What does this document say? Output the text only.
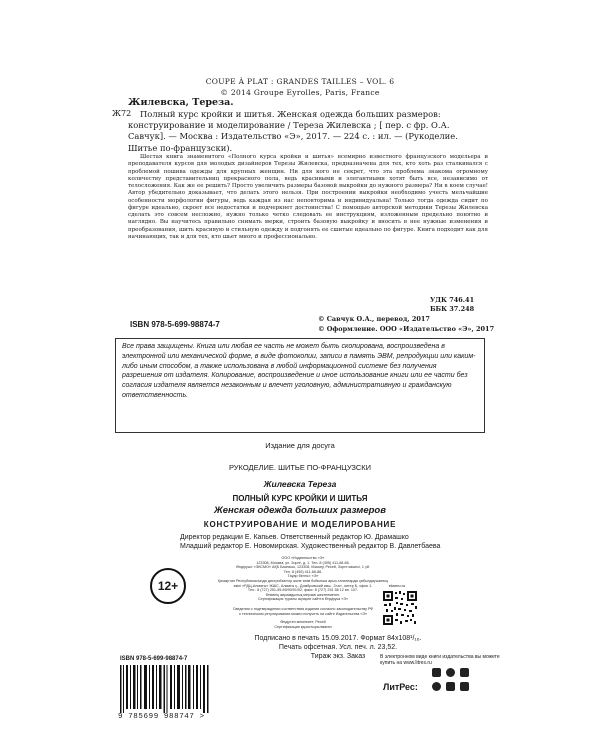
COUPE À PLAT : GRANDES TAILLES – VOL. 6
© 2014 Groupe Eyrolles, Paris, France
Жилевска, Тереза.
Ж72	Полный курс кройки и шитья. Женская одежда больших размеров: конструирование и моделирование / Тереза Жилевска ; [ пер. с фр. О.А. Савчук]. — Москва : Издательство «Э», 2017. — 224 с. : ил. — (Рукоделие. Шитье по-французски).
Шестая книга знаменитого «Полного курса кройки и шитья» всемирно известного французского модельера и преподавателя курсов для молодых дизайнеров Терезы Жилевска, предназначена для тех, кто хоть раз сталкивался с проблемой пошива одежды для крупных женщин. Ни для кого не секрет, что эта проблема знакома огромному количеству представительниц прекрасного пола, ведь красивыми и элегантными хотят быть все, независимо от телосложения. Как же ее решить? Просто увеличить размеры базовой выкройки до нужного размера? Ни в коем случае! Автор убедительно доказывает, что делать этого нельзя. При построении выкройки необходимо учесть мельчайшие особенности морфологии фигуры, ведь каждая из нас неповторима и индивидуальна! Только тогда одежда сидит по фигуре идеально, скроет все недостатки и подчеркнет достоинства! С помощью авторской методики Терезы Жилевска сделать это совсем несложно, нужно только четко следовать ее инструкциям, изложенным предельно понятно и наглядно. Вы научитесь правильно снимать мерки, строить базовую выкройку и вносить в нее нужные изменения и преобразования, шить красивую и стильную одежду и подгонять ее сшитые идеально по фигуре. Книга подходит как для начинающих, так и для тех, кто шьет много и профессионально.
УДК 746.41
ББК 37.248
ISBN 978-5-699-98874-7
© Савчук О.А., перевод, 2017
© Оформление. ООО «Издательство «Э», 2017

Все права защищены. Книга или любая ее часть не может быть скопирована, воспроизведена в электронной или механической форме, в виде фотокопии, записи в память ЭВМ, репродукции или каким-либо иным способом, а также использована в любой информационной системе без получения разрешения от издателя. Копирование, воспроизведение и иное использование книги или ее части без согласия издателя является незаконным и влечет уголовную, административную и гражданскую ответственность.

Издание для досуга
РУКОДЕЛИЕ. ШИТЬЕ ПО-ФРАНЦУЗСКИ
Жилевска Тереза
ПОЛНЫЙ КУРС КРОЙКИ И ШИТЬЯ
Женская одежда больших размеров
КОНСТРУИРОВАНИЕ И МОДЕЛИРОВАНИЕ
Директор редакции Е. Капьев. Ответственный редактор Ю. Драмашко
Младший редактор Е. Новомирская. Художественный редактор В. Давлетбаева
ООО «Издательство «Э»
123308, Москва, ул. Зорге, д. 1. Тел. 8 (495) 411-68-86.
Өндіруші: «ЭКСМО» АҚБ Баспасы, 123308, Мәскеу, Ресей, Зорге көшесі, 1 үй.
Тел. 8 (495) 411-68-86.
Тауар белгісі: «Э»
Қазақстан Республикасында дистрибьютор және өнім бойынша арыз-талаптарды қабылдаушының
өкілі «РДЦ-Алматы» ЖШС, Алматы қ., Домбровский көш., 3«а», литер Б, офис 1.
Тел.: 8 (727) 251-59-89/90/91/92, факс: 8 (727) 251 58 12 вн. 107.
Өнімнің жарамдылық мерзімі шектелмеген.
Сертификация туралы ақпарат сайтта Өндіруші «Э»
Сведения о подтверждении соответствия издания согласно законодательству РФ
о техническом регулировании можно получить на сайте Издательства «Э»
Өндірген мемлекет: Ресей
Сертификация қарастырылмаған
12+
Подписано в печать 15.09.2017. Формат 84x108¹/₁₆.
Печать офсетная. Усл. печ. л. 23,52.
Тираж экз. Заказ
ISBN 978-5-699-98874-7
9 785699 988747 >
eksmo.ru
В электронном виде книги издательства вы можете
купить на www.litres.ru
ЛитРес:
